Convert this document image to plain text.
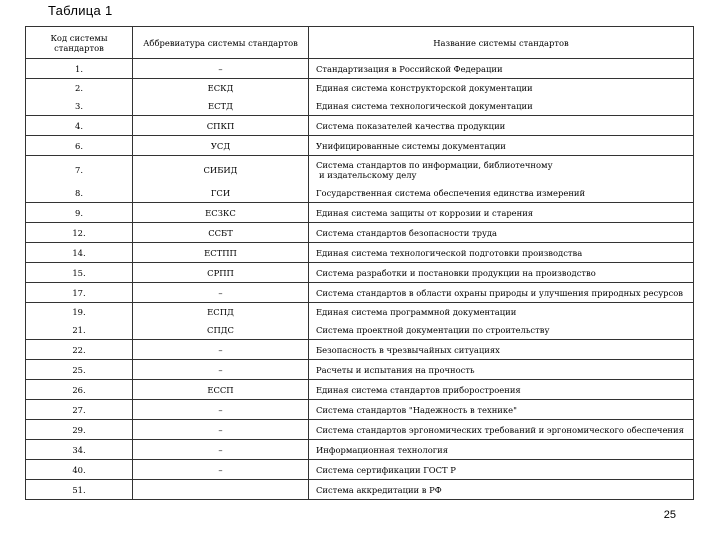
Таблица 1
Код системы стандартов	Аббревиатура системы стандартов	Название системы стандартов
1.	–	Стандартизация в Российской Федерации
2.	ЕСКД	Единая система конструкторской документации
3.	ЕСТД	Единая система технологической документации
4.	СПКП	Система показателей качества продукции
6.	УСД	Унифицированные системы документации
7.	СИБИД	Система стандартов по информации, библиотечному
и издательскому делу
8.	ГСИ	Государственная система обеспечения единства измерений
9.	ЕСЗКС	Единая система защиты от коррозии и старения
12.	ССБТ	Система стандартов безопасности труда
14.	ЕСТПП	Единая система технологической подготовки производства
15.	СРПП	Система разработки и постановки продукции на производство
17.	–	Система стандартов в области охраны природы и улучшения природных ресурсов
19.	ЕСПД	Единая система программной документации
21.	СПДС	Система проектной документации по строительству
22.	–	Безопасность в чрезвычайных ситуациях
25.	–	Расчеты и испытания на прочность
26.	ЕССП	Единая система стандартов приборостроения
27.	–	Система стандартов "Надежность в технике"
29.	–	Система стандартов эргономических требований и эргономического обеспечения
34.	–	Информационная технология
40.	–	Система сертификации ГОСТ Р
51.		Система аккредитации в РФ
25
